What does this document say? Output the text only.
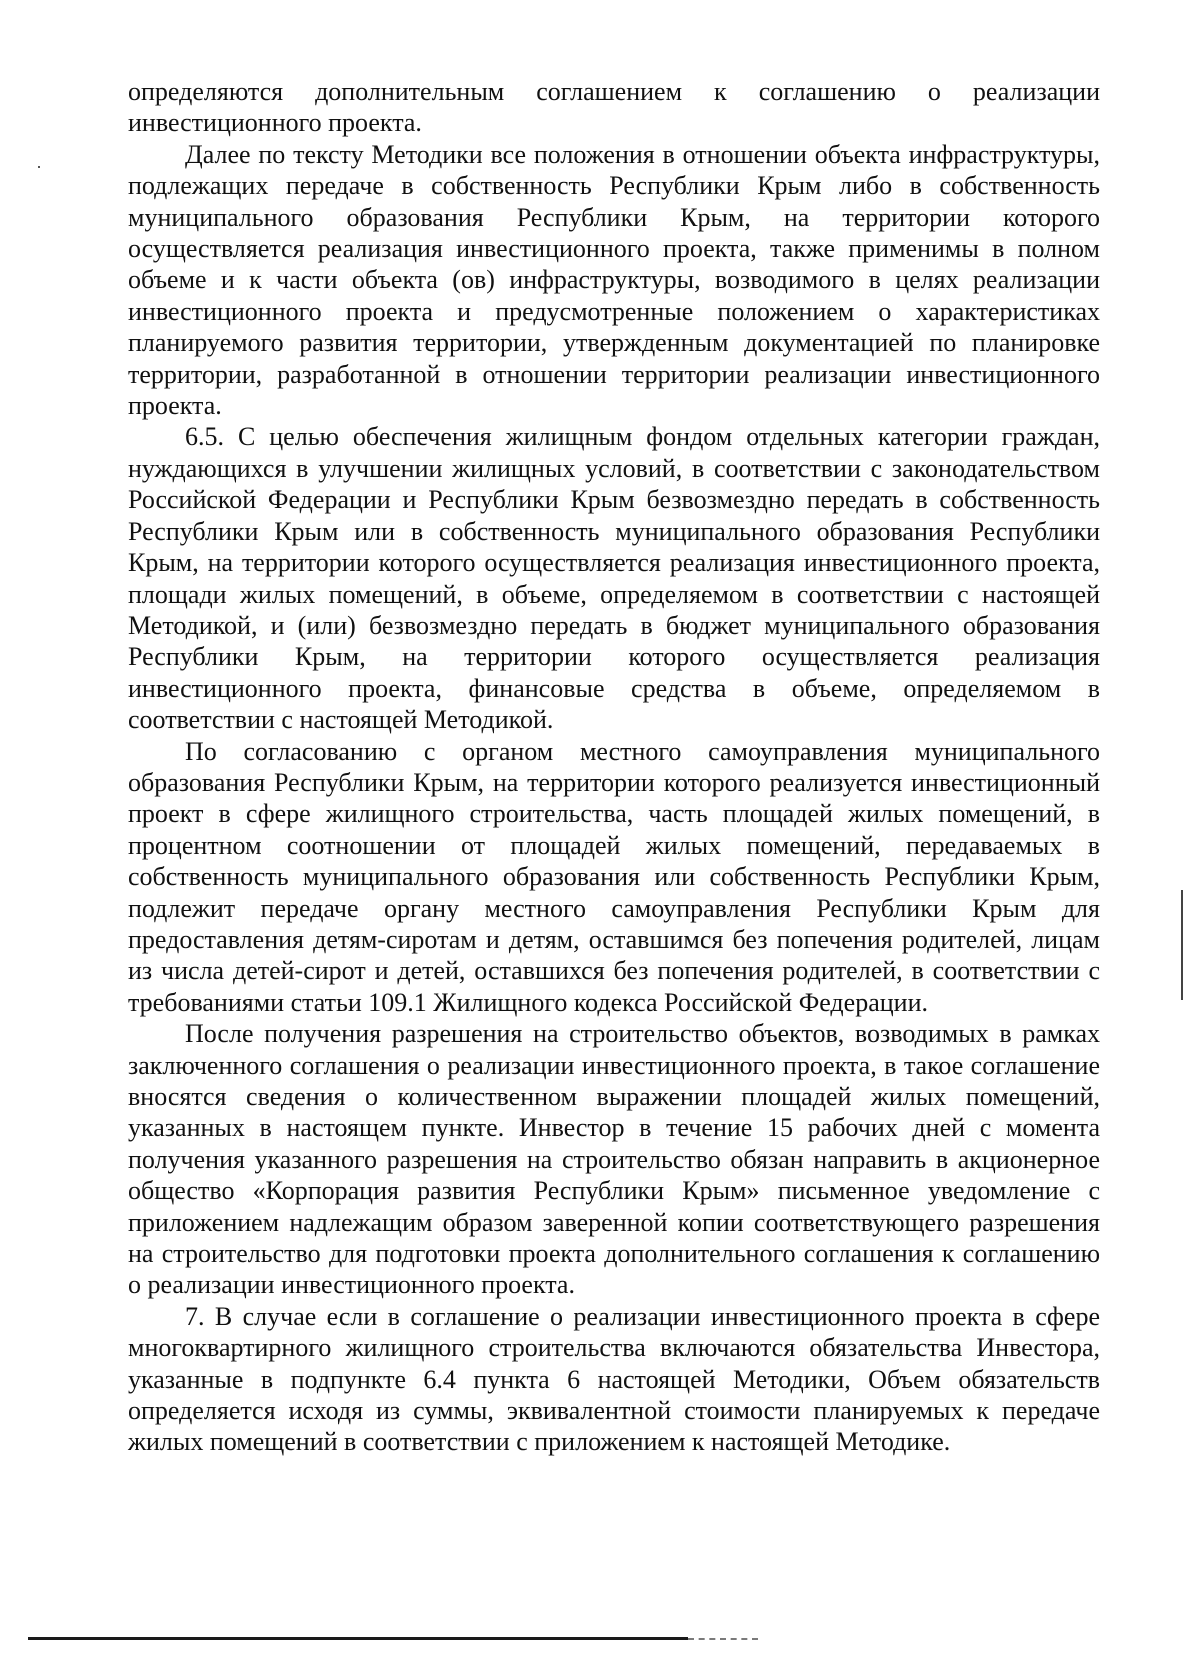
определяются дополнительным соглашением к соглашению о реализации инвестиционного проекта.

Далее по тексту Методики все положения в отношении объекта инфраструктуры, подлежащих передаче в собственность Республики Крым либо в собственность муниципального образования Республики Крым, на территории которого осуществляется реализация инвестиционного проекта, также применимы в полном объеме и к части объекта (ов) инфраструктуры, возводимого в целях реализации инвестиционного проекта и предусмотренные положением о характеристиках планируемого развития территории, утвержденным документацией по планировке территории, разработанной в отношении территории реализации инвестиционного проекта.

6.5. С целью обеспечения жилищным фондом отдельных категории граждан, нуждающихся в улучшении жилищных условий, в соответствии с законодательством Российской Федерации и Республики Крым безвозмездно передать в собственность Республики Крым или в собственность муниципального образования Республики Крым, на территории которого осуществляется реализация инвестиционного проекта, площади жилых помещений, в объеме, определяемом в соответствии с настоящей Методикой, и (или) безвозмездно передать в бюджет муниципального образования Республики Крым, на территории которого осуществляется реализация инвестиционного проекта, финансовые средства в объеме, определяемом в соответствии с настоящей Методикой.

По согласованию с органом местного самоуправления муниципального образования Республики Крым, на территории которого реализуется инвестиционный проект в сфере жилищного строительства, часть площадей жилых помещений, в процентном соотношении от площадей жилых помещений, передаваемых в собственность муниципального образования или собственность Республики Крым, подлежит передаче органу местного самоуправления Республики Крым для предоставления детям-сиротам и детям, оставшимся без попечения родителей, лицам из числа детей-сирот и детей, оставшихся без попечения родителей, в соответствии с требованиями статьи 109.1 Жилищного кодекса Российской Федерации.

После получения разрешения на строительство объектов, возводимых в рамках заключенного соглашения о реализации инвестиционного проекта, в такое соглашение вносятся сведения о количественном выражении площадей жилых помещений, указанных в настоящем пункте. Инвестор в течение 15 рабочих дней с момента получения указанного разрешения на строительство обязан направить в акционерное общество «Корпорация развития Республики Крым» письменное уведомление с приложением надлежащим образом заверенной копии соответствующего разрешения на строительство для подготовки проекта дополнительного соглашения к соглашению о реализации инвестиционного проекта.

7. В случае если в соглашение о реализации инвестиционного проекта в сфере многоквартирного жилищного строительства включаются обязательства Инвестора, указанные в подпункте 6.4 пункта 6 настоящей Методики, Объем обязательств определяется исходя из суммы, эквивалентной стоимости планируемых к передаче жилых помещений в соответствии с приложением к настоящей Методике.
